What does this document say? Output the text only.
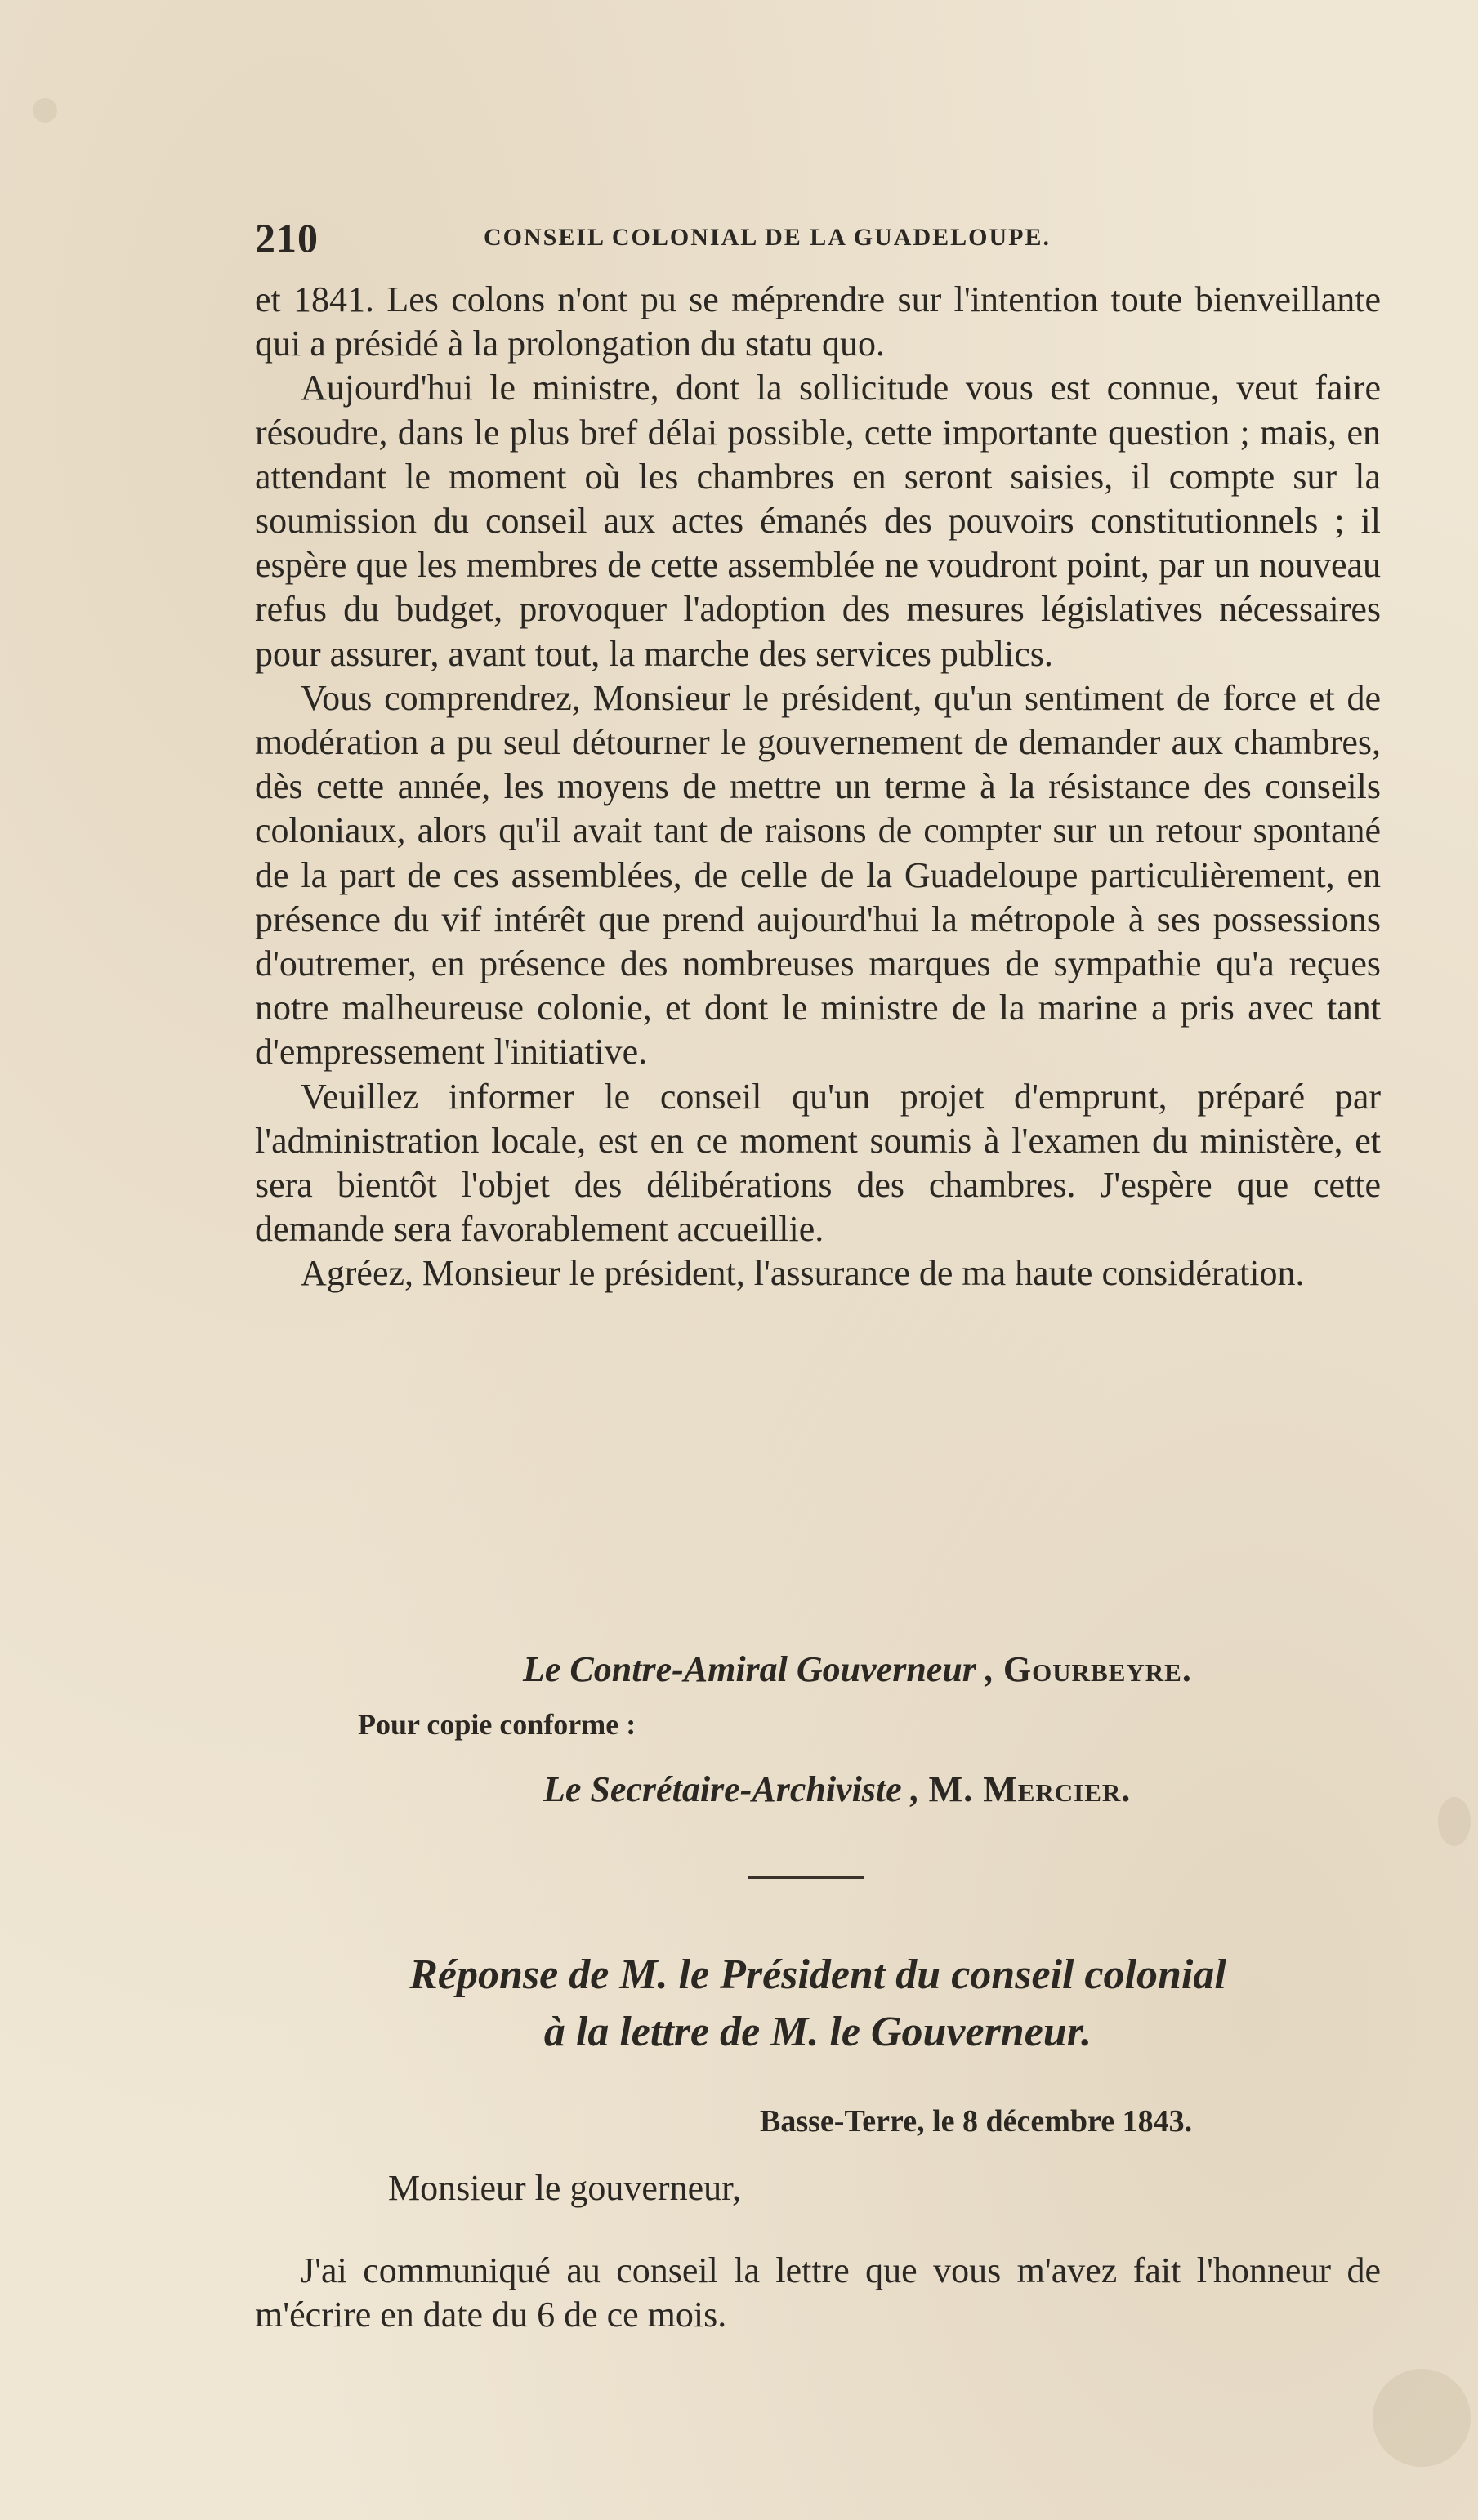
210	CONSEIL COLONIAL DE LA GUADELOUPE.

et 1841. Les colons n'ont pu se méprendre sur l'intention toute bienveillante qui a présidé à la prolongation du statu quo.

Aujourd'hui le ministre, dont la sollicitude vous est connue, veut faire résoudre, dans le plus bref délai possible, cette importante question ; mais, en attendant le moment où les chambres en seront saisies, il compte sur la soumission du conseil aux actes émanés des pouvoirs constitutionnels ; il espère que les membres de cette assemblée ne voudront point, par un nouveau refus du budget, provoquer l'adoption des mesures législatives nécessaires pour assurer, avant tout, la marche des services publics.

Vous comprendrez, Monsieur le président, qu'un sentiment de force et de modération a pu seul détourner le gouvernement de demander aux chambres, dès cette année, les moyens de mettre un terme à la résistance des conseils coloniaux, alors qu'il avait tant de raisons de compter sur un retour spontané de la part de ces assemblées, de celle de la Guadeloupe particulièrement, en présence du vif intérêt que prend aujourd'hui la métropole à ses possessions d'outremer, en présence des nombreuses marques de sympathie qu'a reçues notre malheureuse colonie, et dont le ministre de la marine a pris avec tant d'empressement l'initiative.

Veuillez informer le conseil qu'un projet d'emprunt, préparé par l'administration locale, est en ce moment soumis à l'examen du ministère, et sera bientôt l'objet des délibérations des chambres. J'espère que cette demande sera favorablement accueillie.

Agréez, Monsieur le président, l'assurance de ma haute considération.

Le Contre-Amiral Gouverneur , Gourbeyre.
Pour copie conforme :
Le Secrétaire-Archiviste , M. Mercier.
Réponse de M. le Président du conseil colonial
à la lettre de M. le Gouverneur.
Basse-Terre, le 8 décembre 1843.
Monsieur le gouverneur,

J'ai communiqué au conseil la lettre que vous m'avez fait l'honneur de m'écrire en date du 6 de ce mois.
